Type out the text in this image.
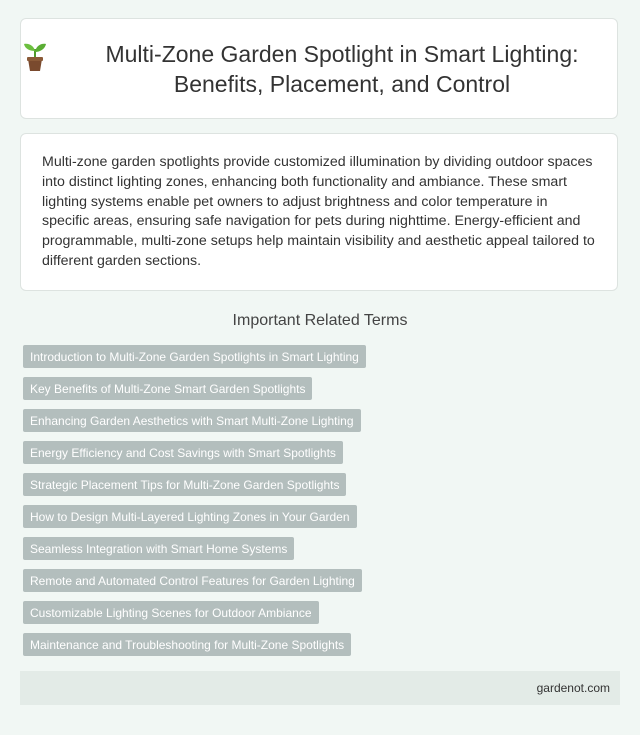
Multi-Zone Garden Spotlight in Smart Lighting: Benefits, Placement, and Control

Multi-zone garden spotlights provide customized illumination by dividing outdoor spaces into distinct lighting zones, enhancing both functionality and ambiance. These smart lighting systems enable pet owners to adjust brightness and color temperature in specific areas, ensuring safe navigation for pets during nighttime. Energy-efficient and programmable, multi-zone setups help maintain visibility and aesthetic appeal tailored to different garden sections.

Important Related Terms
Introduction to Multi-Zone Garden Spotlights in Smart Lighting
Key Benefits of Multi-Zone Smart Garden Spotlights
Enhancing Garden Aesthetics with Smart Multi-Zone Lighting
Energy Efficiency and Cost Savings with Smart Spotlights
Strategic Placement Tips for Multi-Zone Garden Spotlights
How to Design Multi-Layered Lighting Zones in Your Garden
Seamless Integration with Smart Home Systems
Remote and Automated Control Features for Garden Lighting
Customizable Lighting Scenes for Outdoor Ambiance
Maintenance and Troubleshooting for Multi-Zone Spotlights
gardenot.com
